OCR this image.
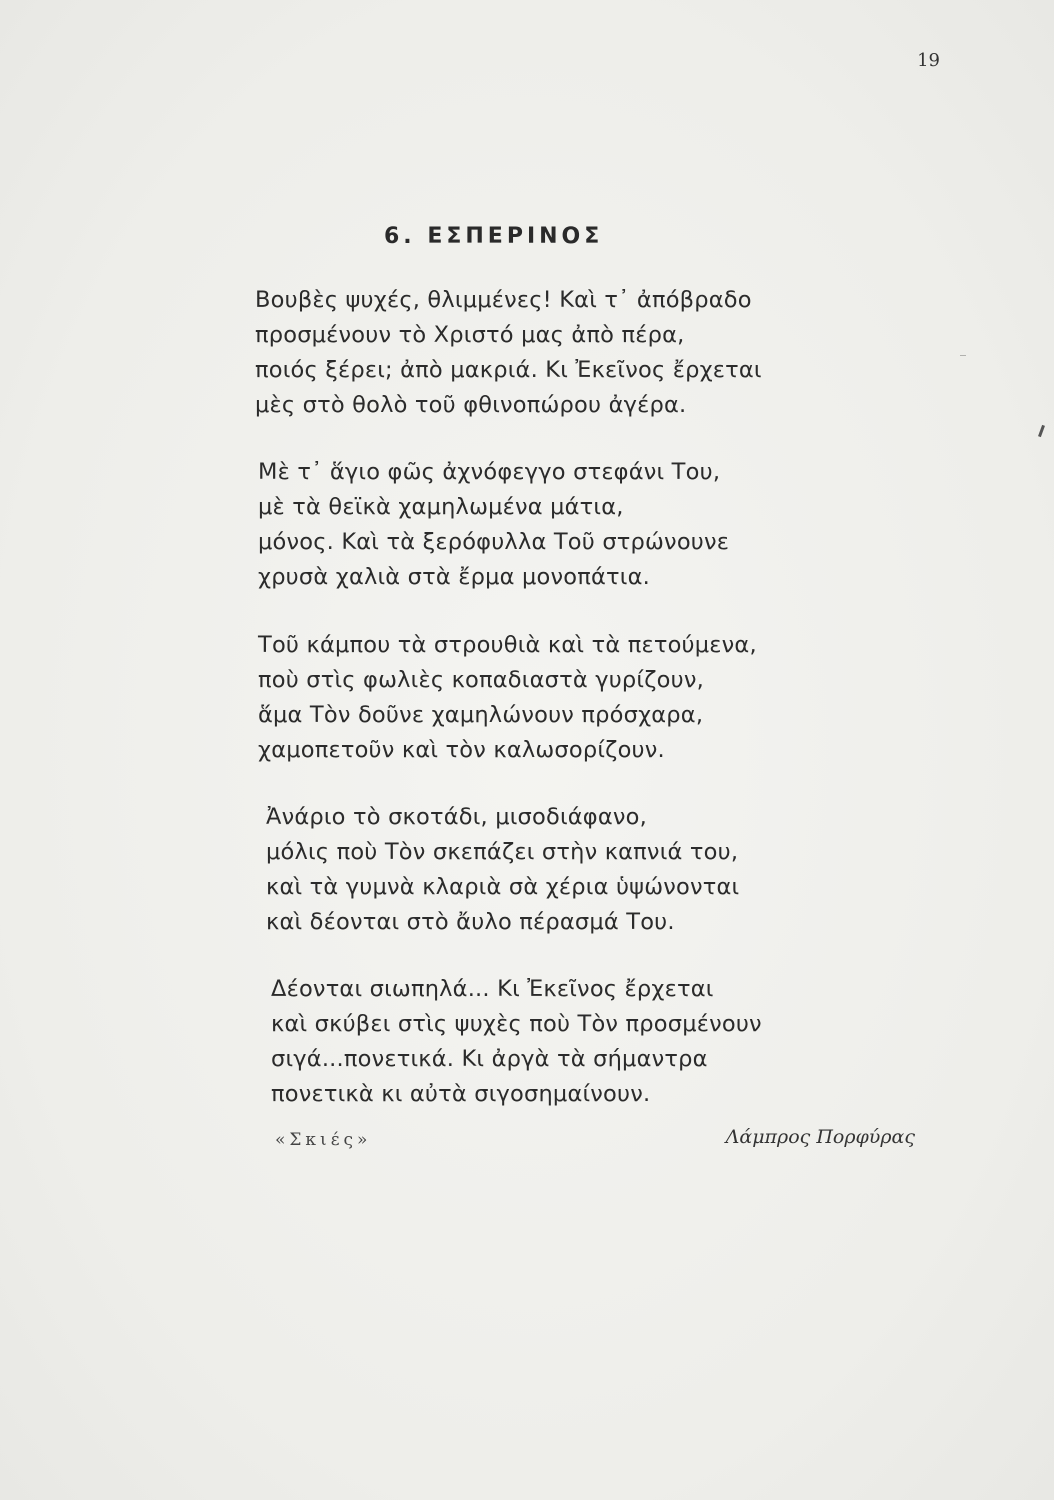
19
6. ΕΣΠΕΡΙΝΟΣ
Βουβὲς ψυχές, θλιμμένες! Καὶ τ᾽ ἀπόβραδο
προσμένουν τὸ Χριστό μας ἀπὸ πέρα,
ποιός ξέρει; ἀπὸ μακριά. Κι Ἐκεῖνος ἔρχεται
μὲς στὸ θολὸ τοῦ φθινοπώρου ἀγέρα.
Μὲ τ᾽ ἅγιο φῶς ἀχνόφεγγο στεφάνι Του,
μὲ τὰ θεϊκὰ χαμηλωμένα μάτια,
μόνος. Καὶ τὰ ξερόφυλλα Τοῦ στρώνουνε
χρυσὰ χαλιὰ στὰ ἔρμα μονοπάτια.
Τοῦ κάμπου τὰ στρουθιὰ καὶ τὰ πετούμενα,
ποὺ στὶς φωλιὲς κοπαδιαστὰ γυρίζουν,
ἅμα Τὸν δοῦνε χαμηλώνουν πρόσχαρα,
χαμοπετοῦν καὶ τὸν καλωσορίζουν.
Ἀνάριο τὸ σκοτάδι, μισοδιάφανο,
μόλις ποὺ Τὸν σκεπάζει στὴν καπνιά του,
καὶ τὰ γυμνὰ κλαριὰ σὰ χέρια ὑψώνονται
καὶ δέονται στὸ ἄυλο πέρασμά Του.
Δέονται σιωπηλά... Κι Ἐκεῖνος ἔρχεται
καὶ σκύβει στὶς ψυχὲς ποὺ Τὸν προσμένουν
σιγά...πονετικά. Κι ἀργὰ τὰ σήμαντρα
πονετικὰ κι αὐτὰ σιγοσημαίνουν.
«Σκιές»	Λάμπρος Πορφύρας
